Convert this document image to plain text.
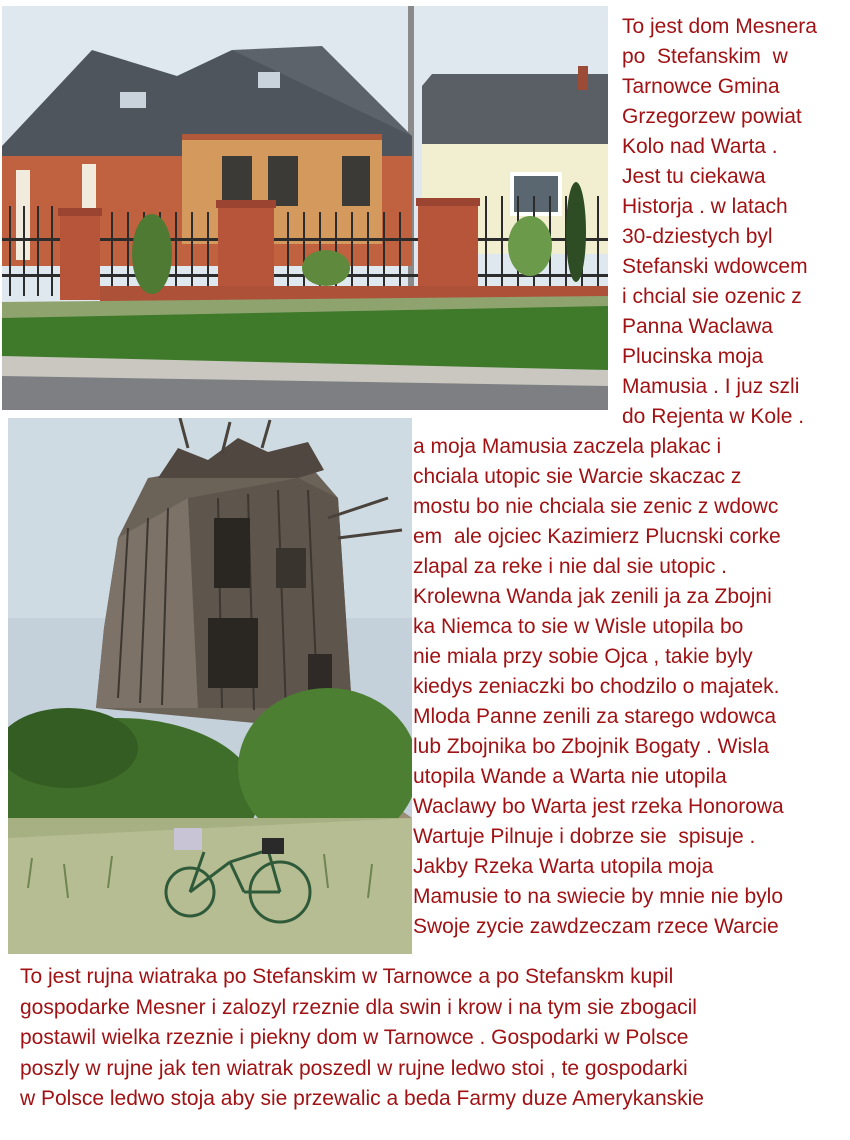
To jest dom Mesnera
po  Stefanskim  w
Tarnowce Gmina
Grzegorzew powiat
Kolo nad Warta .
Jest tu ciekawa
Historja . w latach
30-dziestych byl
Stefanski wdowcem
i chcial sie ozenic z
Panna Waclawa
Plucinska moja
Mamusia . I juz szli
do Rejenta w Kole .

a moja Mamusia zaczela plakac i
chciala utopic sie Warcie skaczac z
mostu bo nie chciala sie zenic z wdowc
em  ale ojciec Kazimierz Plucnski corke
zlapal za reke i nie dal sie utopic .
Krolewna Wanda jak zenili ja za Zbojni
ka Niemca to sie w Wisle utopila bo
nie miala przy sobie Ojca , takie byly
kiedys zeniaczki bo chodzilo o majatek.
Mloda Panne zenili za starego wdowca
lub Zbojnika bo Zbojnik Bogaty . Wisla
utopila Wande a Warta nie utopila
Waclawy bo Warta jest rzeka Honorowa
Wartuje Pilnuje i dobrze sie  spisuje .
Jakby Rzeka Warta utopila moja
Mamusie to na swiecie by mnie nie bylo
Swoje zycie zawdzeczam rzece Warcie

To jest rujna wiatraka po Stefanskim w Tarnowce a po Stefanskm kupil
gospodarke Mesner i zalozyl rzeznie dla swin i krow i na tym sie zbogacil
postawil wielka rzeznie i piekny dom w Tarnowce . Gospodarki w Polsce
poszly w rujne jak ten wiatrak poszedl w rujne ledwo stoi , te gospodarki
w Polsce ledwo stoja aby sie przewalic a beda Farmy duze Amerykanskie
